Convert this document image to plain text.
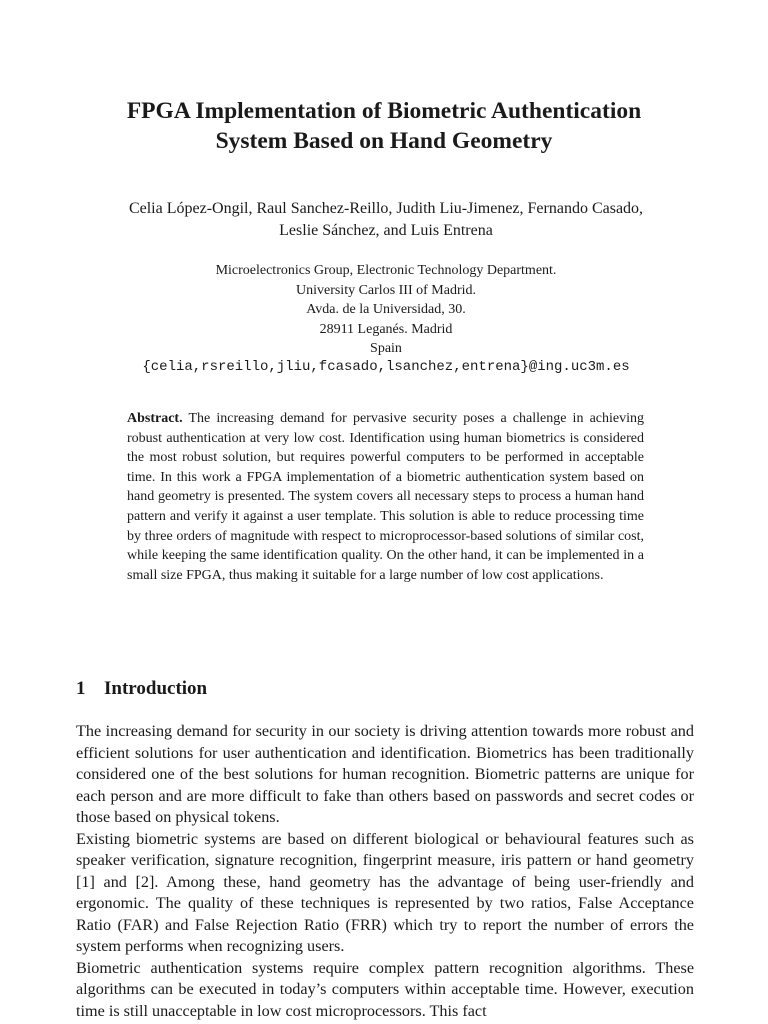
FPGA Implementation of Biometric Authentication
System Based on Hand Geometry
Celia López-Ongil, Raul Sanchez-Reillo, Judith Liu-Jimenez, Fernando Casado,
Leslie Sánchez, and Luis Entrena
Microelectronics Group, Electronic Technology Department.
University Carlos III of Madrid.
Avda. de la Universidad, 30.
28911 Leganés. Madrid
Spain
{celia,rsreillo,jliu,fcasado,lsanchez,entrena}@ing.uc3m.es

Abstract. The increasing demand for pervasive security poses a challenge in achieving robust authentication at very low cost. Identification using human biometrics is considered the most robust solution, but requires powerful computers to be performed in acceptable time. In this work a FPGA implementation of a biometric authentication system based on hand geometry is presented. The system covers all necessary steps to process a human hand pattern and verify it against a user template. This solution is able to reduce processing time by three orders of magnitude with respect to microprocessor-based solutions of similar cost, while keeping the same identification quality. On the other hand, it can be implemented in a small size FPGA, thus making it suitable for a large number of low cost applications.

1 Introduction

The increasing demand for security in our society is driving attention towards more robust and efficient solutions for user authentication and identification. Biometrics has been traditionally considered one of the best solutions for human recognition. Biometric patterns are unique for each person and are more difficult to fake than others based on passwords and secret codes or those based on physical tokens.

Existing biometric systems are based on different biological or behavioural features such as speaker verification, signature recognition, fingerprint measure, iris pattern or hand geometry [1] and [2]. Among these, hand geometry has the advantage of being user-friendly and ergonomic. The quality of these techniques is represented by two ratios, False Acceptance Ratio (FAR) and False Rejection Ratio (FRR) which try to report the number of errors the system performs when recognizing users.

Biometric authentication systems require complex pattern recognition algorithms. These algorithms can be executed in today’s computers within acceptable time. However, execution time is still unacceptable in low cost microprocessors. This fact
